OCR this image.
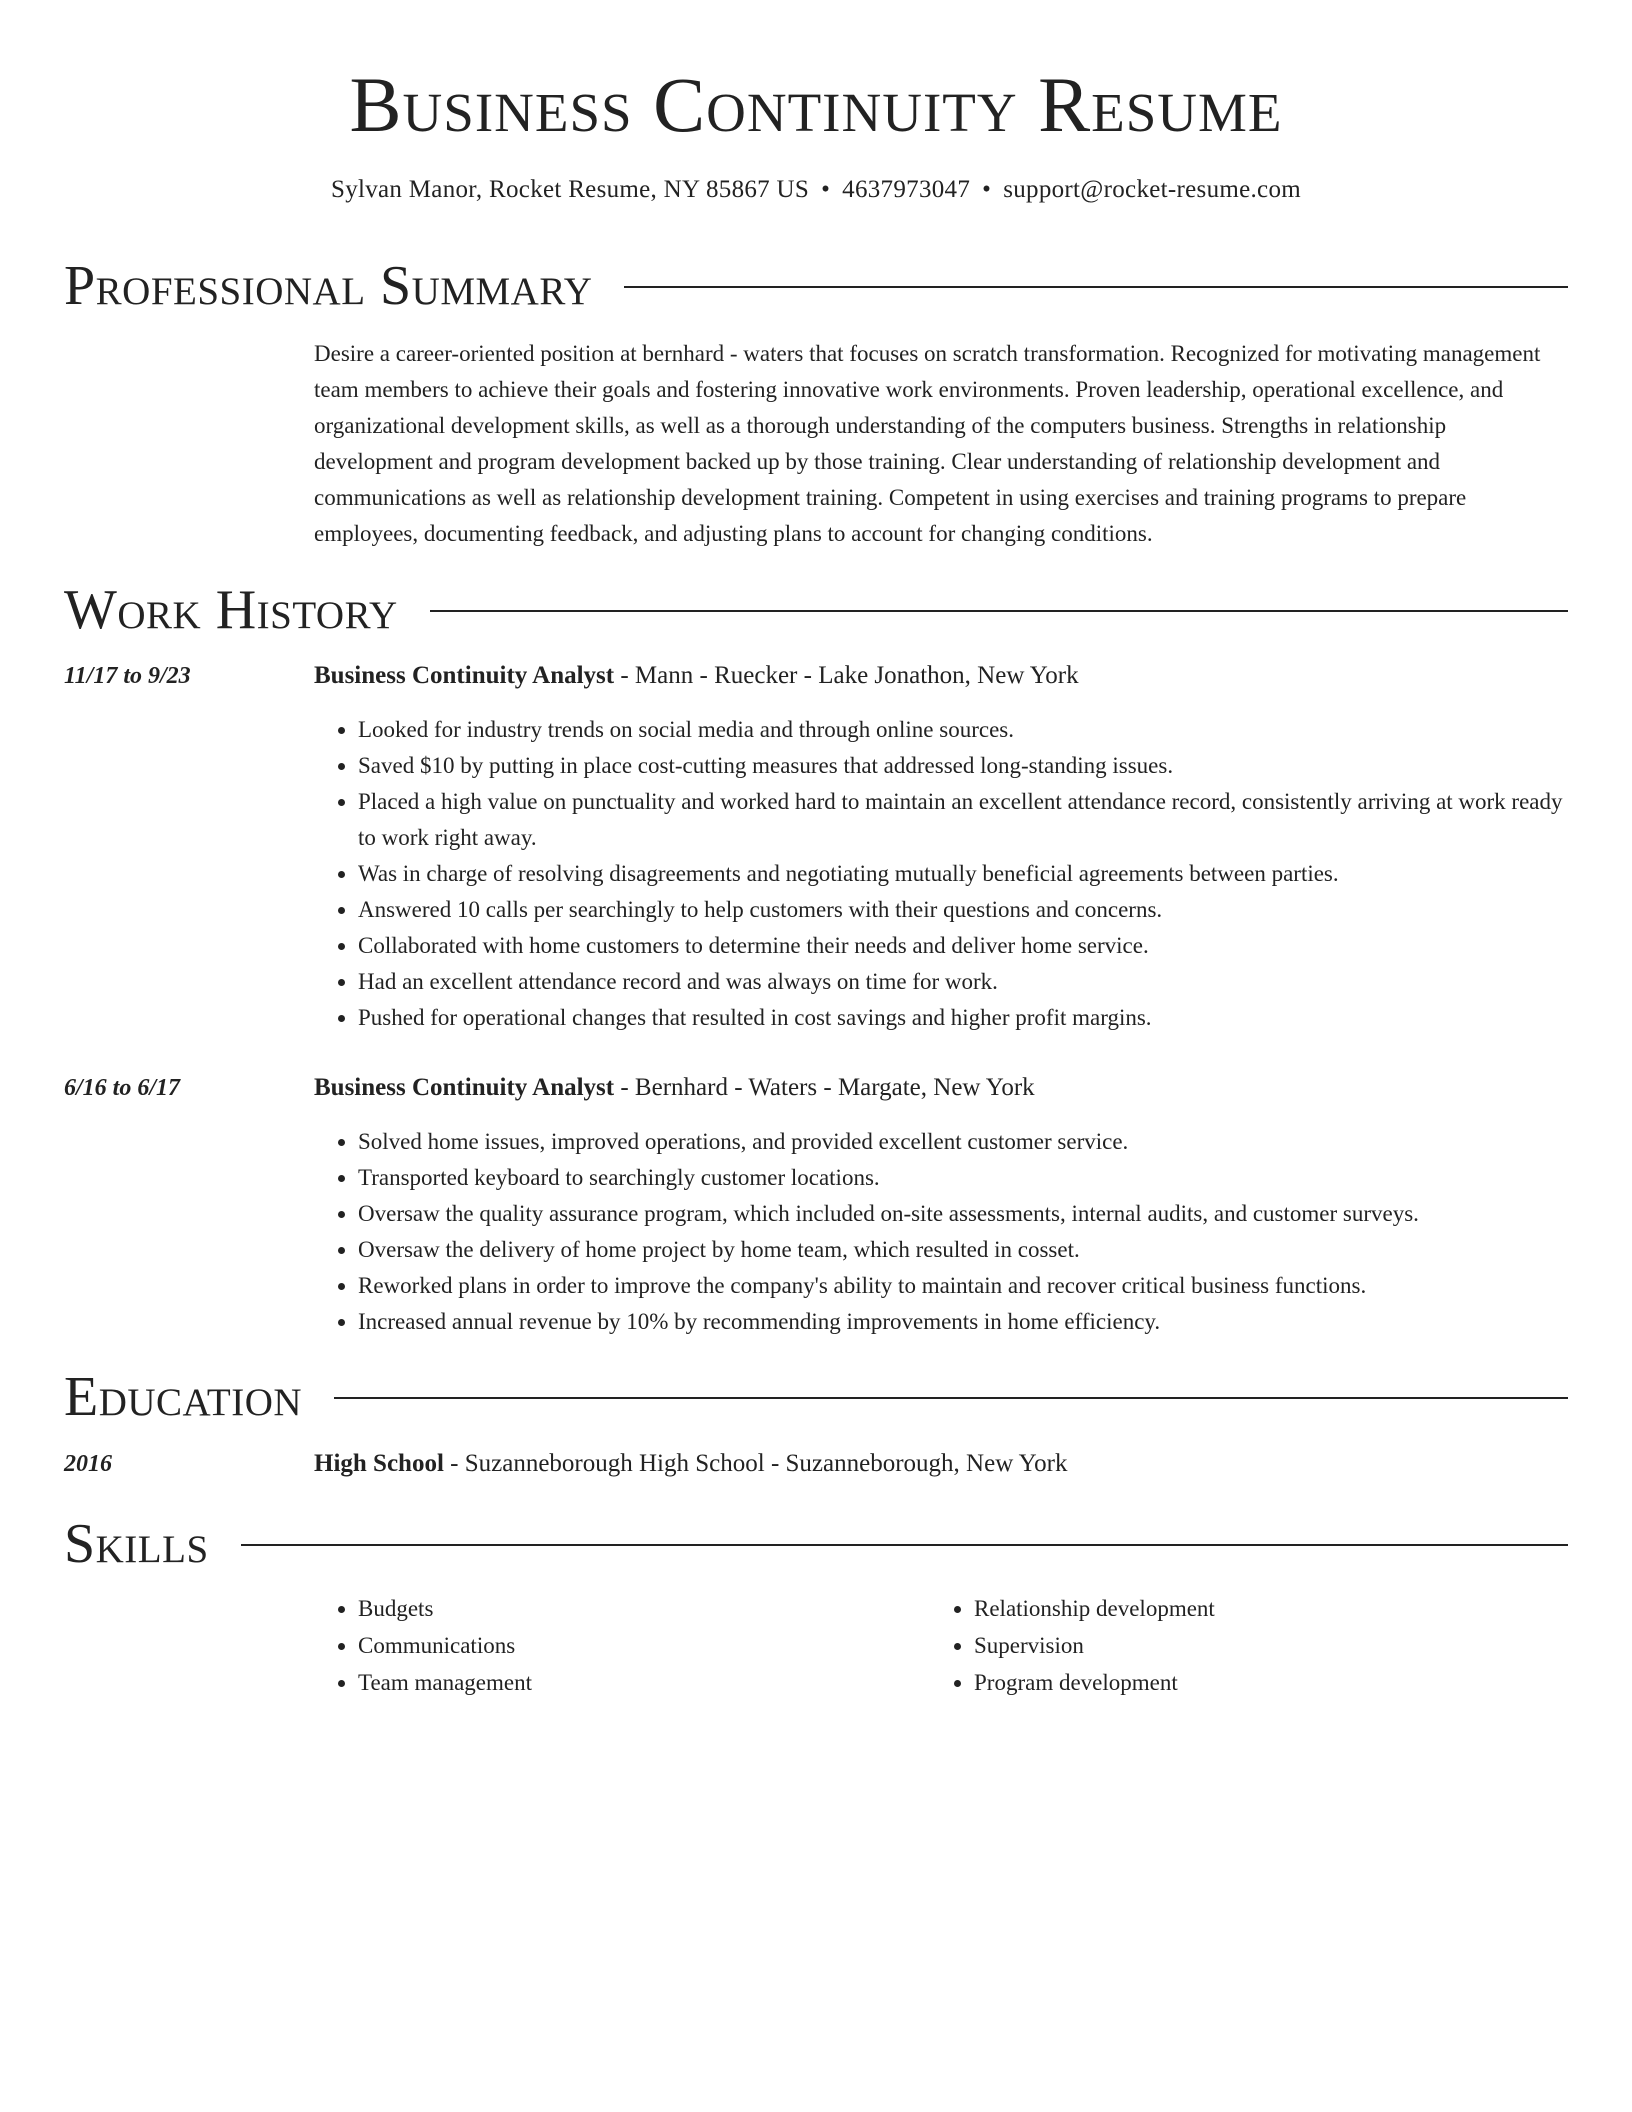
Business Continuity Resume
Sylvan Manor, Rocket Resume, NY 85867 US • 4637973047 • support@rocket-resume.com
Professional Summary

Desire a career-oriented position at bernhard - waters that focuses on scratch transformation. Recognized for motivating management team members to achieve their goals and fostering innovative work environments. Proven leadership, operational excellence, and organizational development skills, as well as a thorough understanding of the computers business. Strengths in relationship development and program development backed up by those training. Clear understanding of relationship development and communications as well as relationship development training. Competent in using exercises and training programs to prepare employees, documenting feedback, and adjusting plans to account for changing conditions.

Work History
11/17 to 9/23	Business Continuity Analyst - Mann - Ruecker - Lake Jonathon, New York
• Looked for industry trends on social media and through online sources.
• Saved $10 by putting in place cost-cutting measures that addressed long-standing issues.
• Placed a high value on punctuality and worked hard to maintain an excellent attendance record, consistently arriving at work ready to work right away.
• Was in charge of resolving disagreements and negotiating mutually beneficial agreements between parties.
• Answered 10 calls per searchingly to help customers with their questions and concerns.
• Collaborated with home customers to determine their needs and deliver home service.
• Had an excellent attendance record and was always on time for work.
• Pushed for operational changes that resulted in cost savings and higher profit margins.
6/16 to 6/17	Business Continuity Analyst - Bernhard - Waters - Margate, New York
• Solved home issues, improved operations, and provided excellent customer service.
• Transported keyboard to searchingly customer locations.
• Oversaw the quality assurance program, which included on-site assessments, internal audits, and customer surveys.
• Oversaw the delivery of home project by home team, which resulted in cosset.
• Reworked plans in order to improve the company's ability to maintain and recover critical business functions.
• Increased annual revenue by 10% by recommending improvements in home efficiency.
Education
2016	High School - Suzanneborough High School - Suzanneborough, New York
Skills
• Budgets
• Communications
• Team management
• Relationship development
• Supervision
• Program development
